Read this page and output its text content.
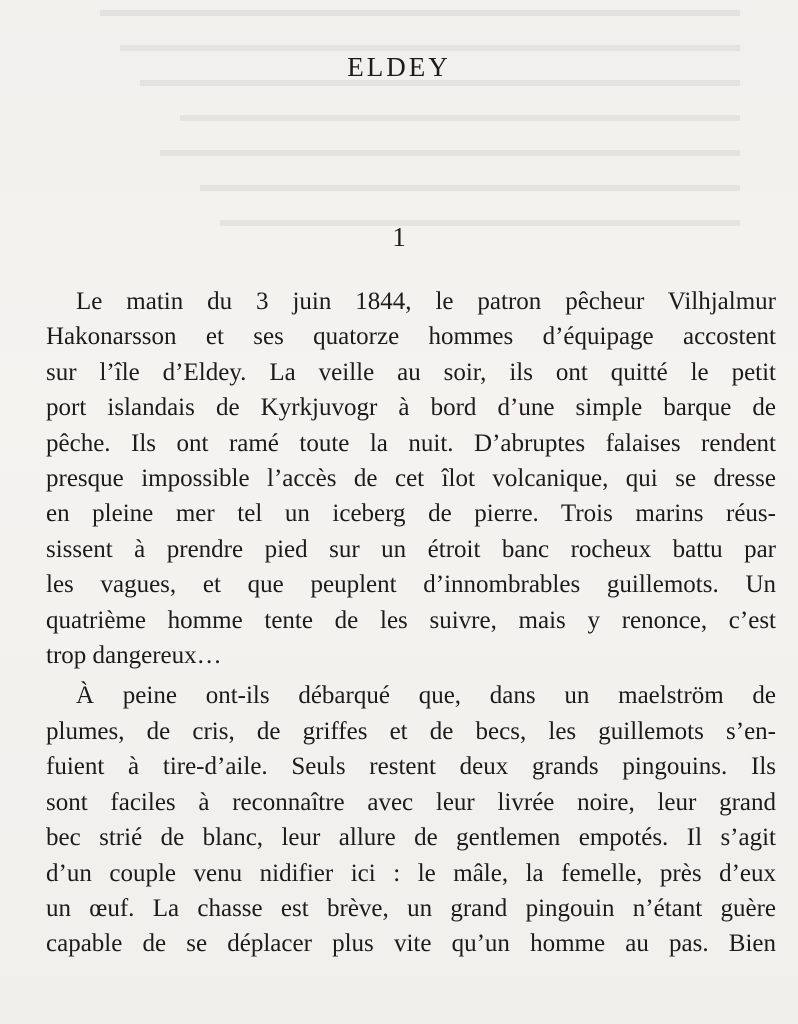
ELDEY
1
Le matin du 3 juin 1844, le patron pêcheur Vilhjalmur
Hakonarsson et ses quatorze hommes d’équipage accostent
sur l’île d’Eldey. La veille au soir, ils ont quitté le petit
port islandais de Kyrkjuvogr à bord d’une simple barque de
pêche. Ils ont ramé toute la nuit. D’abruptes falaises rendent
presque impossible l’accès de cet îlot volcanique, qui se dresse
en pleine mer tel un iceberg de pierre. Trois marins réus-
sissent à prendre pied sur un étroit banc rocheux battu par
les vagues, et que peuplent d’innombrables guillemots. Un
quatrième homme tente de les suivre, mais y renonce, c’est
trop dangereux…
À peine ont-ils débarqué que, dans un maelström de
plumes, de cris, de griffes et de becs, les guillemots s’en-
fuient à tire-d’aile. Seuls restent deux grands pingouins. Ils
sont faciles à reconnaître avec leur livrée noire, leur grand
bec strié de blanc, leur allure de gentlemen empotés. Il s’agit
d’un couple venu nidifier ici : le mâle, la femelle, près d’eux
un œuf. La chasse est brève, un grand pingouin n’étant guère
capable de se déplacer plus vite qu’un homme au pas. Bien
